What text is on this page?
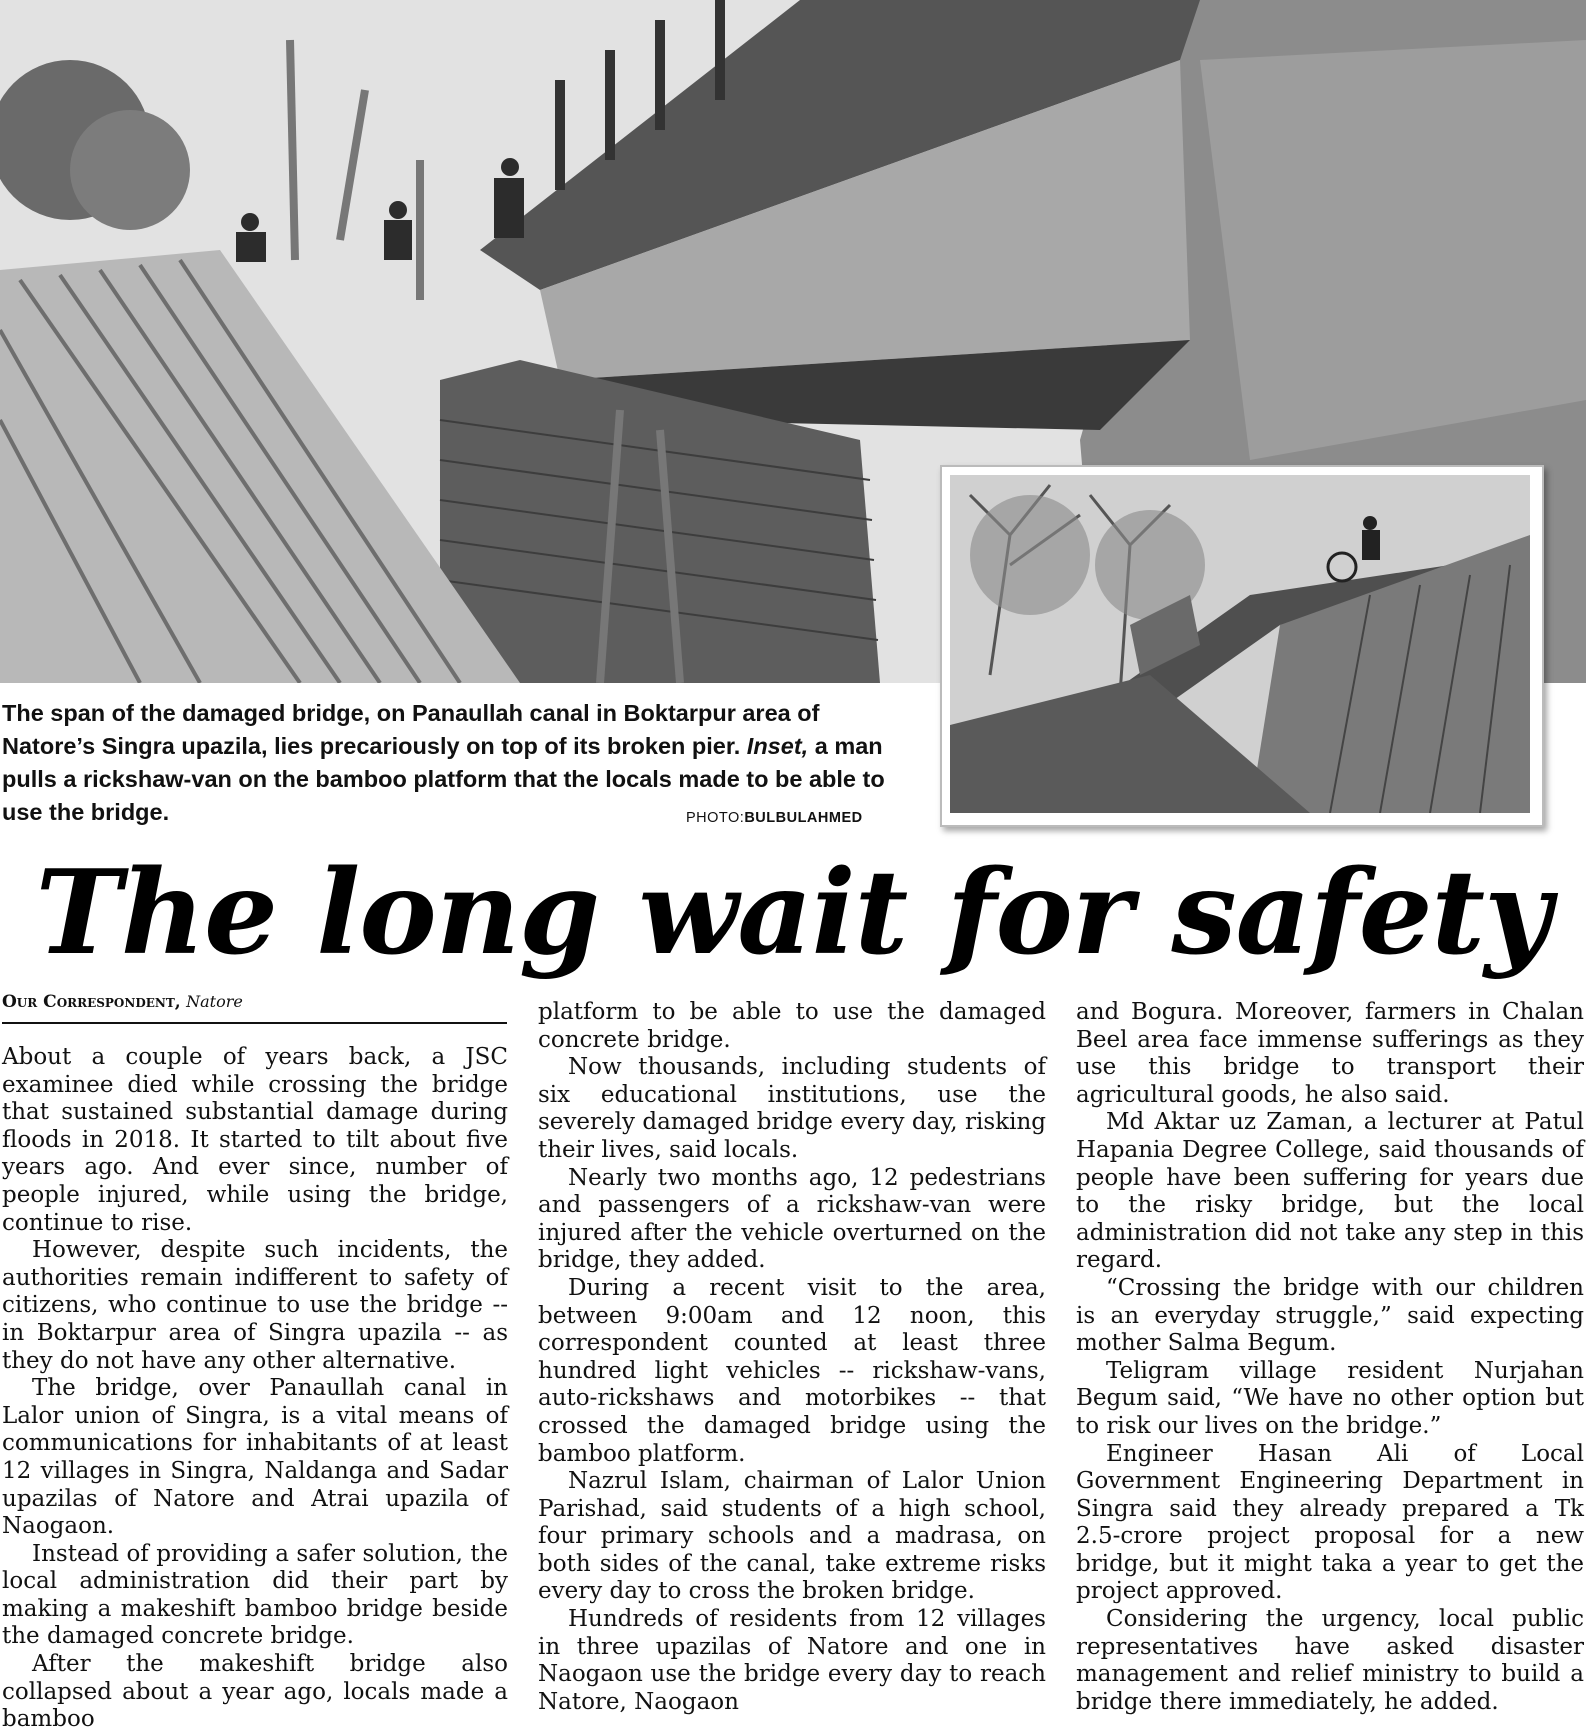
The span of the damaged bridge, on Panaullah canal in Boktarpur area of Natore’s Singra upazila, lies precariously on top of its broken pier. Inset, a man pulls a rickshaw-van on the bamboo platform that the locals made to be able to use the bridge.	PHOTO:BULBULAHMED
The long wait for safety
Our Correspondent, Natore

About a couple of years back, a JSC examinee died while crossing the bridge that sustained substantial damage during floods in 2018. It started to tilt about five years ago. And ever since, number of people injured, while using the bridge, continue to rise.

However, despite such incidents, the authorities remain indifferent to safety of citizens, who continue to use the bridge -- in Boktarpur area of Singra upazila -- as they do not have any other alternative.

The bridge, over Panaullah canal in Lalor union of Singra, is a vital means of communications for inhabitants of at least 12 villages in Singra, Naldanga and Sadar upazilas of Natore and Atrai upazila of Naogaon.

Instead of providing a safer solution, the local administration did their part by making a makeshift bamboo bridge beside the damaged concrete bridge.

After the makeshift bridge also collapsed about a year ago, locals made a bamboo

platform to be able to use the damaged concrete bridge.

Now thousands, including students of six educational institutions, use the severely damaged bridge every day, risking their lives, said locals.

Nearly two months ago, 12 pedestrians and passengers of a rickshaw-van were injured after the vehicle overturned on the bridge, they added.

During a recent visit to the area, between 9:00am and 12 noon, this correspondent counted at least three hundred light vehicles -- rickshaw-vans, auto-rickshaws and motorbikes -- that crossed the damaged bridge using the bamboo platform.

Nazrul Islam, chairman of Lalor Union Parishad, said students of a high school, four primary schools and a madrasa, on both sides of the canal, take extreme risks every day to cross the broken bridge.

Hundreds of residents from 12 villages in three upazilas of Natore and one in Naogaon use the bridge every day to reach Natore, Naogaon

and Bogura. Moreover, farmers in Chalan Beel area face immense sufferings as they use this bridge to transport their agricultural goods, he also said.

Md Aktar uz Zaman, a lecturer at Patul Hapania Degree College, said thousands of people have been suffering for years due to the risky bridge, but the local administration did not take any step in this regard.

“Crossing the bridge with our children is an everyday struggle,” said expecting mother Salma Begum.

Teligram village resident Nurjahan Begum said, “We have no other option but to risk our lives on the bridge.”

Engineer Hasan Ali of Local Government Engineering Department in Singra said they already prepared a Tk 2.5-crore project proposal for a new bridge, but it might taka a year to get the project approved.

Considering the urgency, local public representatives have asked disaster management and relief ministry to build a bridge there immediately, he added.
